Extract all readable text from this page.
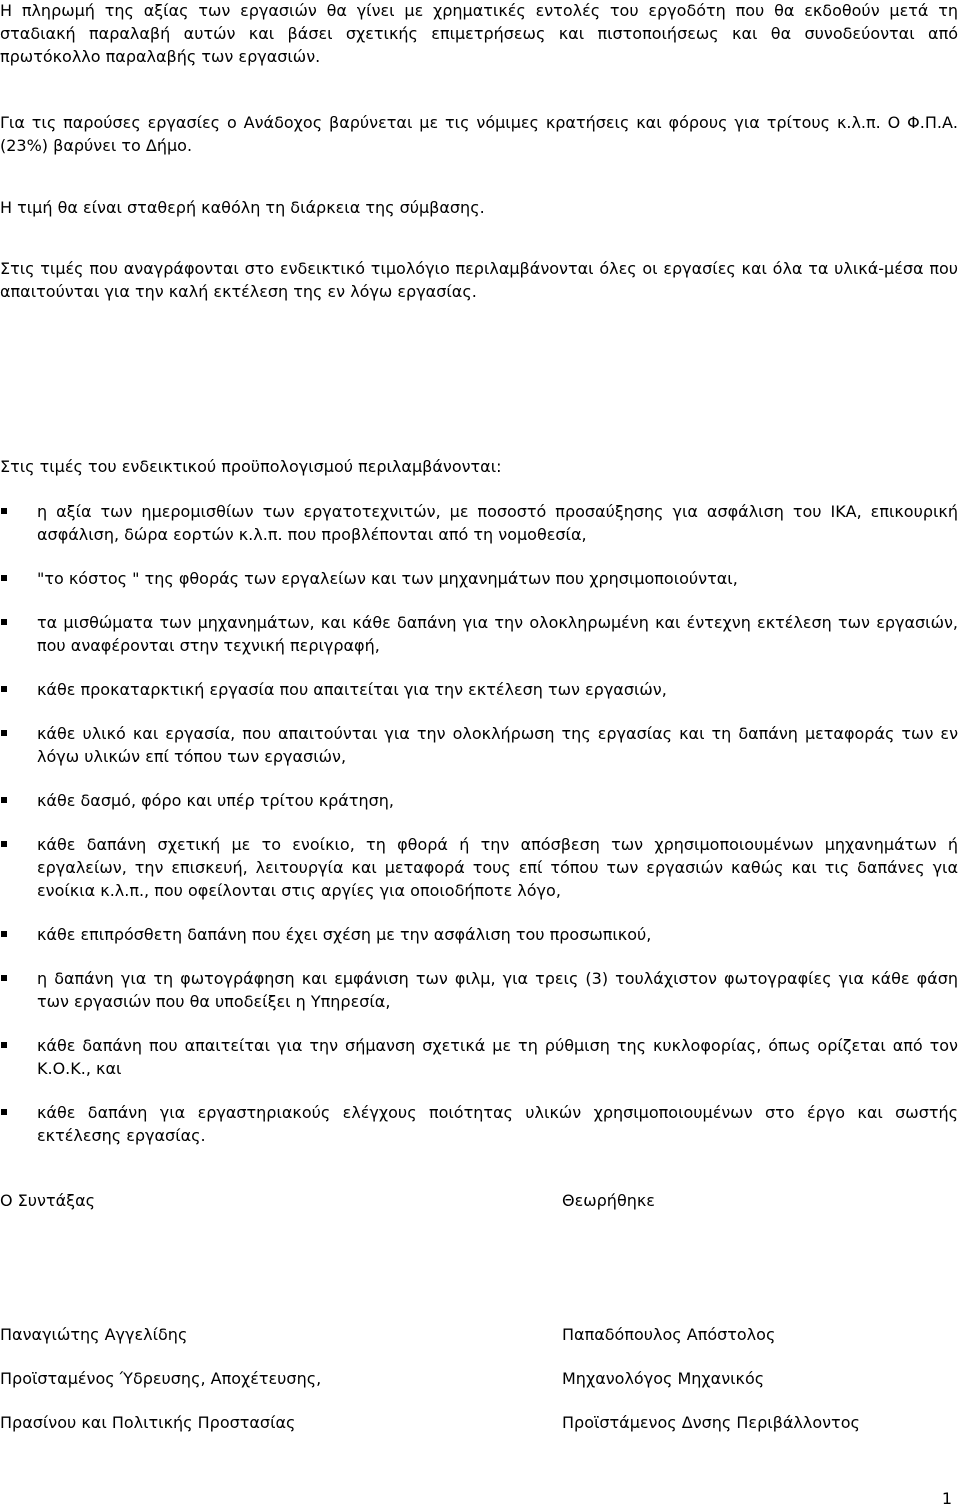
Η πληρωμή της αξίας των εργασιών θα γίνει με χρηματικές εντολές του εργοδότη που θα εκδοθούν μετά τη σταδιακή παραλαβή αυτών και βάσει σχετικής επιμετρήσεως και πιστοποιήσεως και θα συνοδεύονται από πρωτόκολλο παραλαβής των εργασιών.

Για τις παρούσες εργασίες ο Ανάδοχος βαρύνεται με τις νόμιμες κρατήσεις και φόρους για τρίτους κ.λ.π. Ο Φ.Π.Α. (23%) βαρύνει το Δήμο.

Η τιμή θα είναι σταθερή καθόλη τη διάρκεια της σύμβασης.

Στις τιμές που αναγράφονται στο ενδεικτικό τιμολόγιο περιλαμβάνονται όλες οι εργασίες και όλα τα υλικά-μέσα που απαιτούνται για την καλή εκτέλεση της εν λόγω εργασίας.

Στις τιμές του ενδεικτικού προϋπολογισμού περιλαμβάνονται:

η αξία των ημερομισθίων των εργατοτεχνιτών, με ποσοστό προσαύξησης για ασφάλιση του ΙΚΑ, επικουρική ασφάλιση, δώρα εορτών κ.λ.π. που προβλέπονται από τη νομοθεσία,
"το κόστος " της φθοράς των εργαλείων και των μηχανημάτων που χρησιμοποιούνται,
τα μισθώματα των μηχανημάτων, και κάθε δαπάνη για την ολοκληρωμένη και έντεχνη εκτέλεση των εργασιών, που αναφέρονται στην τεχνική περιγραφή,
κάθε προκαταρκτική εργασία που απαιτείται για την εκτέλεση των εργασιών,
κάθε υλικό και εργασία, που απαιτούνται για την ολοκλήρωση της εργασίας και τη δαπάνη μεταφοράς των εν λόγω υλικών επί τόπου των εργασιών,
κάθε δασμό, φόρο και υπέρ τρίτου κράτηση,
κάθε δαπάνη σχετική με το ενοίκιο, τη φθορά ή την απόσβεση των χρησιμοποιουμένων μηχανημάτων ή εργαλείων, την επισκευή, λειτουργία και μεταφορά τους επί τόπου των εργασιών καθώς και τις δαπάνες για ενοίκια κ.λ.π., που οφείλονται στις αργίες για οποιοδήποτε λόγο,
κάθε επιπρόσθετη δαπάνη που έχει σχέση με την ασφάλιση του προσωπικού,
η δαπάνη για τη φωτογράφηση και εμφάνιση των φιλμ, για τρεις (3) τουλάχιστον φωτογραφίες για κάθε φάση των εργασιών που θα υποδείξει η Υπηρεσία,
κάθε δαπάνη που απαιτείται για την σήμανση σχετικά με τη ρύθμιση της κυκλοφορίας, όπως ορίζεται από τον Κ.Ο.Κ., και
κάθε δαπάνη για εργαστηριακούς ελέγχους ποιότητας υλικών χρησιμοποιουμένων στο έργο και σωστής εκτέλεσης εργασίας.
Ο Συντάξας	Θεωρήθηκε
Παναγιώτης Αγγελίδης	Παπαδόπουλος Απόστολος
Προϊσταμένος Ύδρευσης, Αποχέτευσης,	Μηχανολόγος Μηχανικός
Πρασίνου και Πολιτικής Προστασίας	Προϊστάμενος Δνσης Περιβάλλοντος
1
